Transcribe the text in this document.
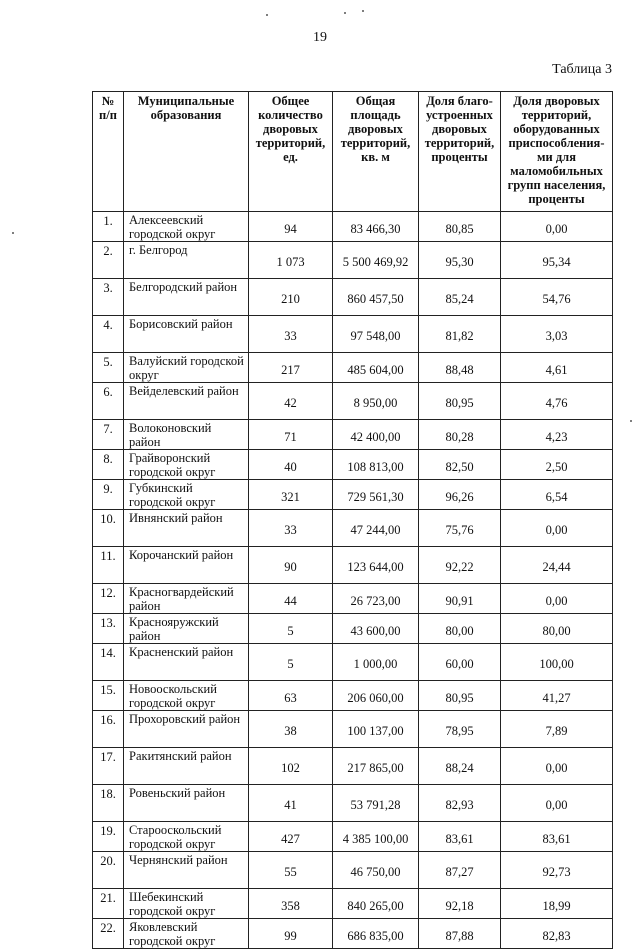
19
Таблица 3
№ п/п	Муниципальные образования	Общее количество дворовых территорий, ед.	Общая площадь дворовых территорий, кв. м	Доля благо-устроенных дворовых территорий, проценты	Доля дворовых территорий, оборудованных приспособления-ми для маломобильных групп населения, проценты
1.	Алексеевский городской округ	94	83 466,30	80,85	0,00
2.	г. Белгород	1 073	5 500 469,92	95,30	95,34
3.	Белгородский район	210	860 457,50	85,24	54,76
4.	Борисовский район	33	97 548,00	81,82	3,03
5.	Валуйский городской округ	217	485 604,00	88,48	4,61
6.	Вейделевский район	42	8 950,00	80,95	4,76
7.	Волоконовский район	71	42 400,00	80,28	4,23
8.	Грайворонский городской округ	40	108 813,00	82,50	2,50
9.	Губкинский городской округ	321	729 561,30	96,26	6,54
10.	Ивнянский район	33	47 244,00	75,76	0,00
11.	Корочанский район	90	123 644,00	92,22	24,44
12.	Красногвардейский район	44	26 723,00	90,91	0,00
13.	Краснояружский район	5	43 600,00	80,00	80,00
14.	Красненский район	5	1 000,00	60,00	100,00
15.	Новооскольский городской округ	63	206 060,00	80,95	41,27
16.	Прохоровский район	38	100 137,00	78,95	7,89
17.	Ракитянский район	102	217 865,00	88,24	0,00
18.	Ровеньский район	41	53 791,28	82,93	0,00
19.	Старооскольский городской округ	427	4 385 100,00	83,61	83,61
20.	Чернянский район	55	46 750,00	87,27	92,73
21.	Шебекинский городской округ	358	840 265,00	92,18	18,99
22.	Яковлевский городской округ	99	686 835,00	87,88	82,83
